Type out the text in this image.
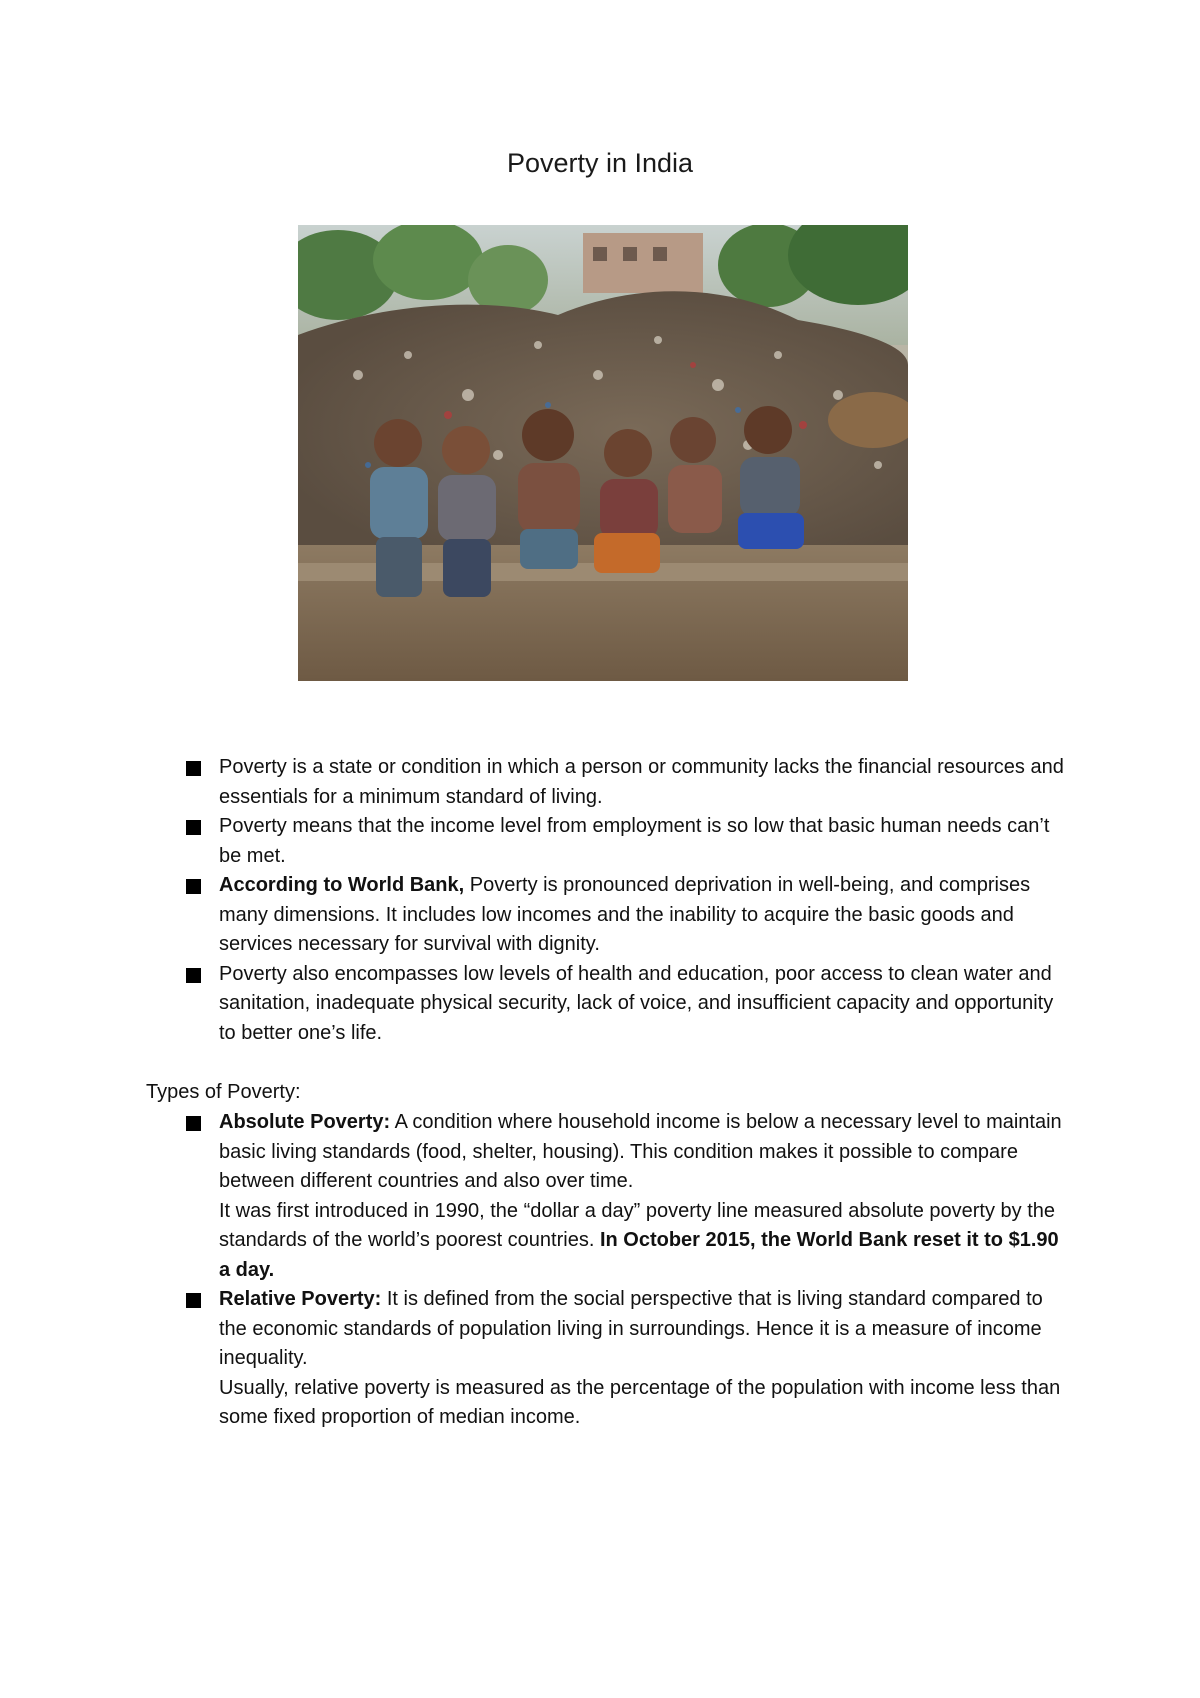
Poverty in India
Poverty is a state or condition in which a person or community lacks the financial resources and essentials for a minimum standard of living.
Poverty means that the income level from employment is so low that basic human needs can’t be met.
According to World Bank, Poverty is pronounced deprivation in well-being, and comprises many dimensions. It includes low incomes and the inability to acquire the basic goods and services necessary for survival with dignity.
Poverty also encompasses low levels of health and education, poor access to clean water and sanitation, inadequate physical security, lack of voice, and insufficient capacity and opportunity to better one’s life.
Types of Poverty:
Absolute Poverty: A condition where household income is below a necessary level to maintain basic living standards (food, shelter, housing). This condition makes it possible to compare between different countries and also over time.
It was first introduced in 1990, the “dollar a day” poverty line measured absolute poverty by the standards of the world’s poorest countries. In October 2015, the World Bank reset it to $1.90 a day.
Relative Poverty: It is defined from the social perspective that is living standard compared to the economic standards of population living in surroundings. Hence it is a measure of income inequality.
Usually, relative poverty is measured as the percentage of the population with income less than some fixed proportion of median income.
